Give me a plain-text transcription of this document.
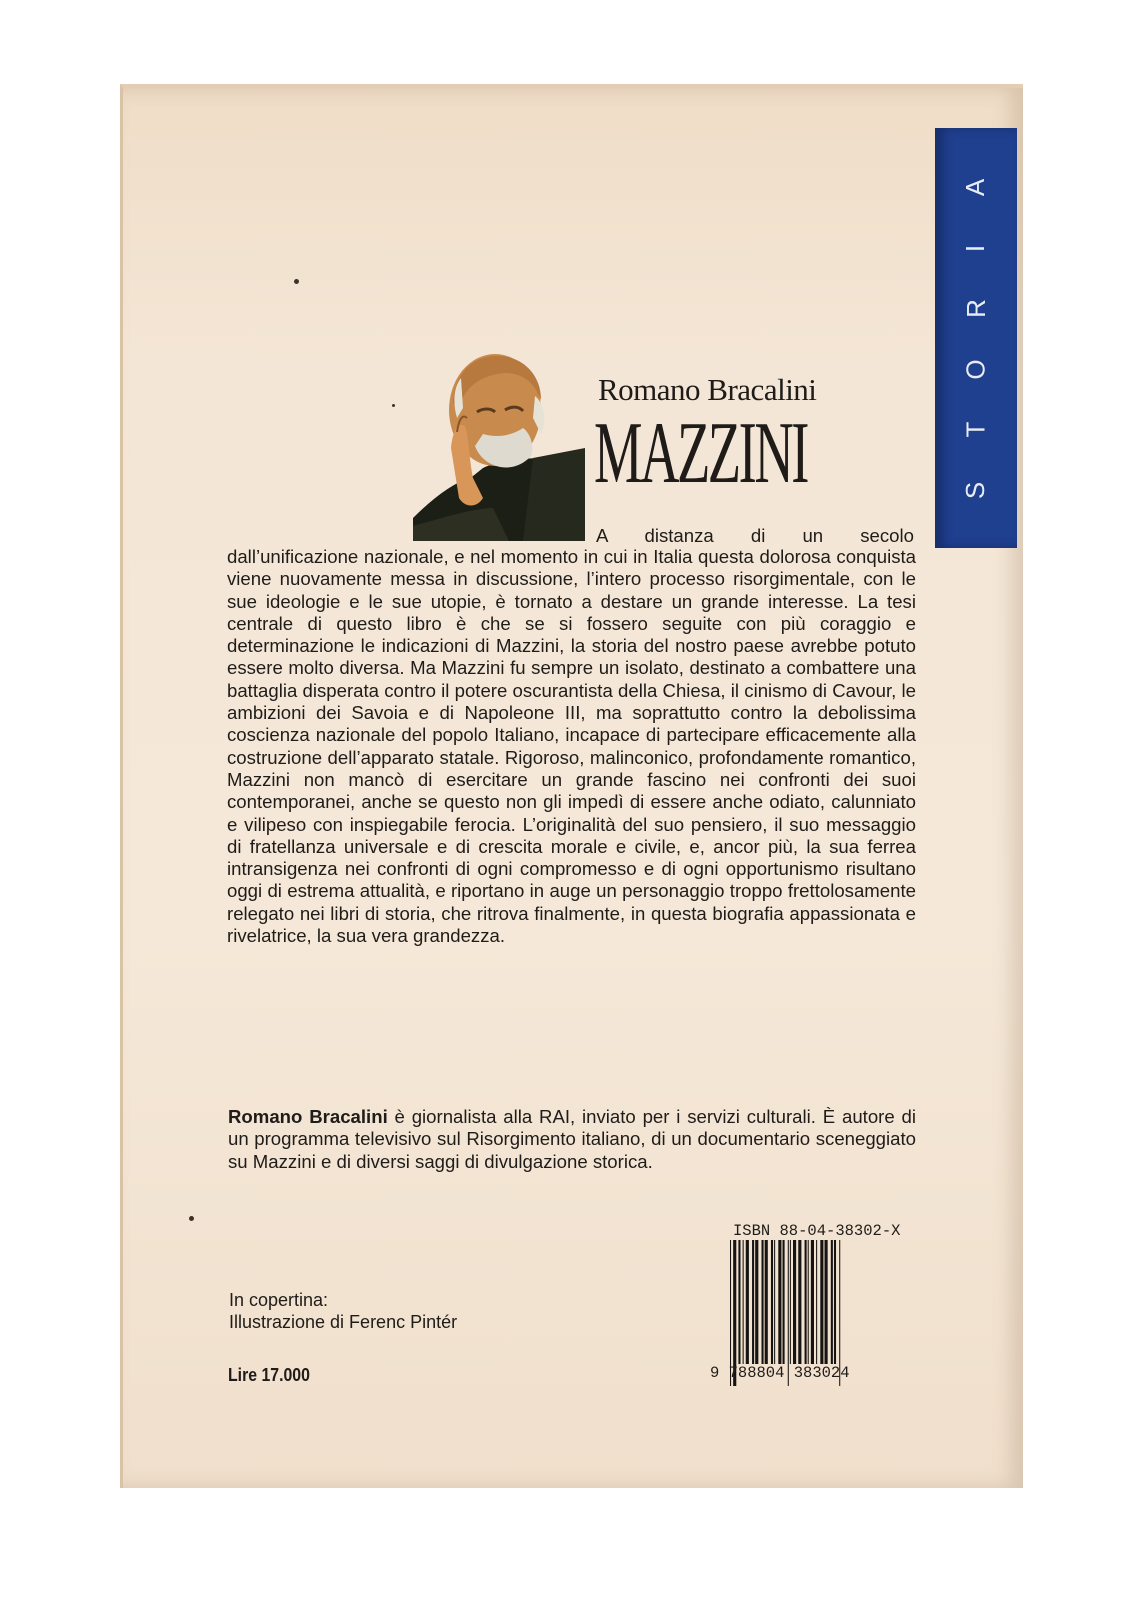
S
T
O
R
I
A
Romano Bracalini
MAZZINI
A distanza di un secolo
dall’unificazione nazionale, e nel momento in cui in Italia questa dolorosa conquista viene nuovamente messa in discussione, l’intero processo risorgimentale, con le sue ideologie e le sue utopie, è tornato a destare un grande interesse. La tesi centrale di questo libro è che se si fossero seguite con più coraggio e determinazione le indicazioni di Mazzini, la storia del nostro paese avrebbe potuto essere molto diversa. Ma Mazzini fu sempre un isolato, destinato a combattere una battaglia disperata contro il potere oscurantista della Chiesa, il cinismo di Cavour, le ambizioni dei Savoia e di Napoleone III, ma soprattutto contro la debolissima coscienza nazionale del popolo Italiano, incapace di partecipare efficacemente alla costruzione dell’apparato statale. Rigoroso, malinconico, profondamente romantico, Mazzini non mancò di esercitare un grande fascino nei confronti dei suoi contemporanei, anche se questo non gli impedì di essere anche odiato, calunniato e vilipeso con inspiegabile ferocia. L’originalità del suo pensiero, il suo messaggio di fratellanza universale e di crescita morale e civile, e, ancor più, la sua ferrea intransigenza nei confronti di ogni compromesso e di ogni opportunismo risultano oggi di estrema attualità, e riportano in auge un personaggio troppo frettolosamente relegato nei libri di storia, che ritrova finalmente, in questa biografia appassionata e rivelatrice, la sua vera grandezza.
Romano Bracalini è giornalista alla RAI, inviato per i servizi culturali. È autore di un programma televisivo sul Risorgimento italiano, di un documentario sceneggiato su Mazzini e di diversi saggi di divulgazione storica.
In copertina:
Illustrazione di Ferenc Pintér
Lire 17.000
ISBN 88-04-38302-X
9 788804 383024
